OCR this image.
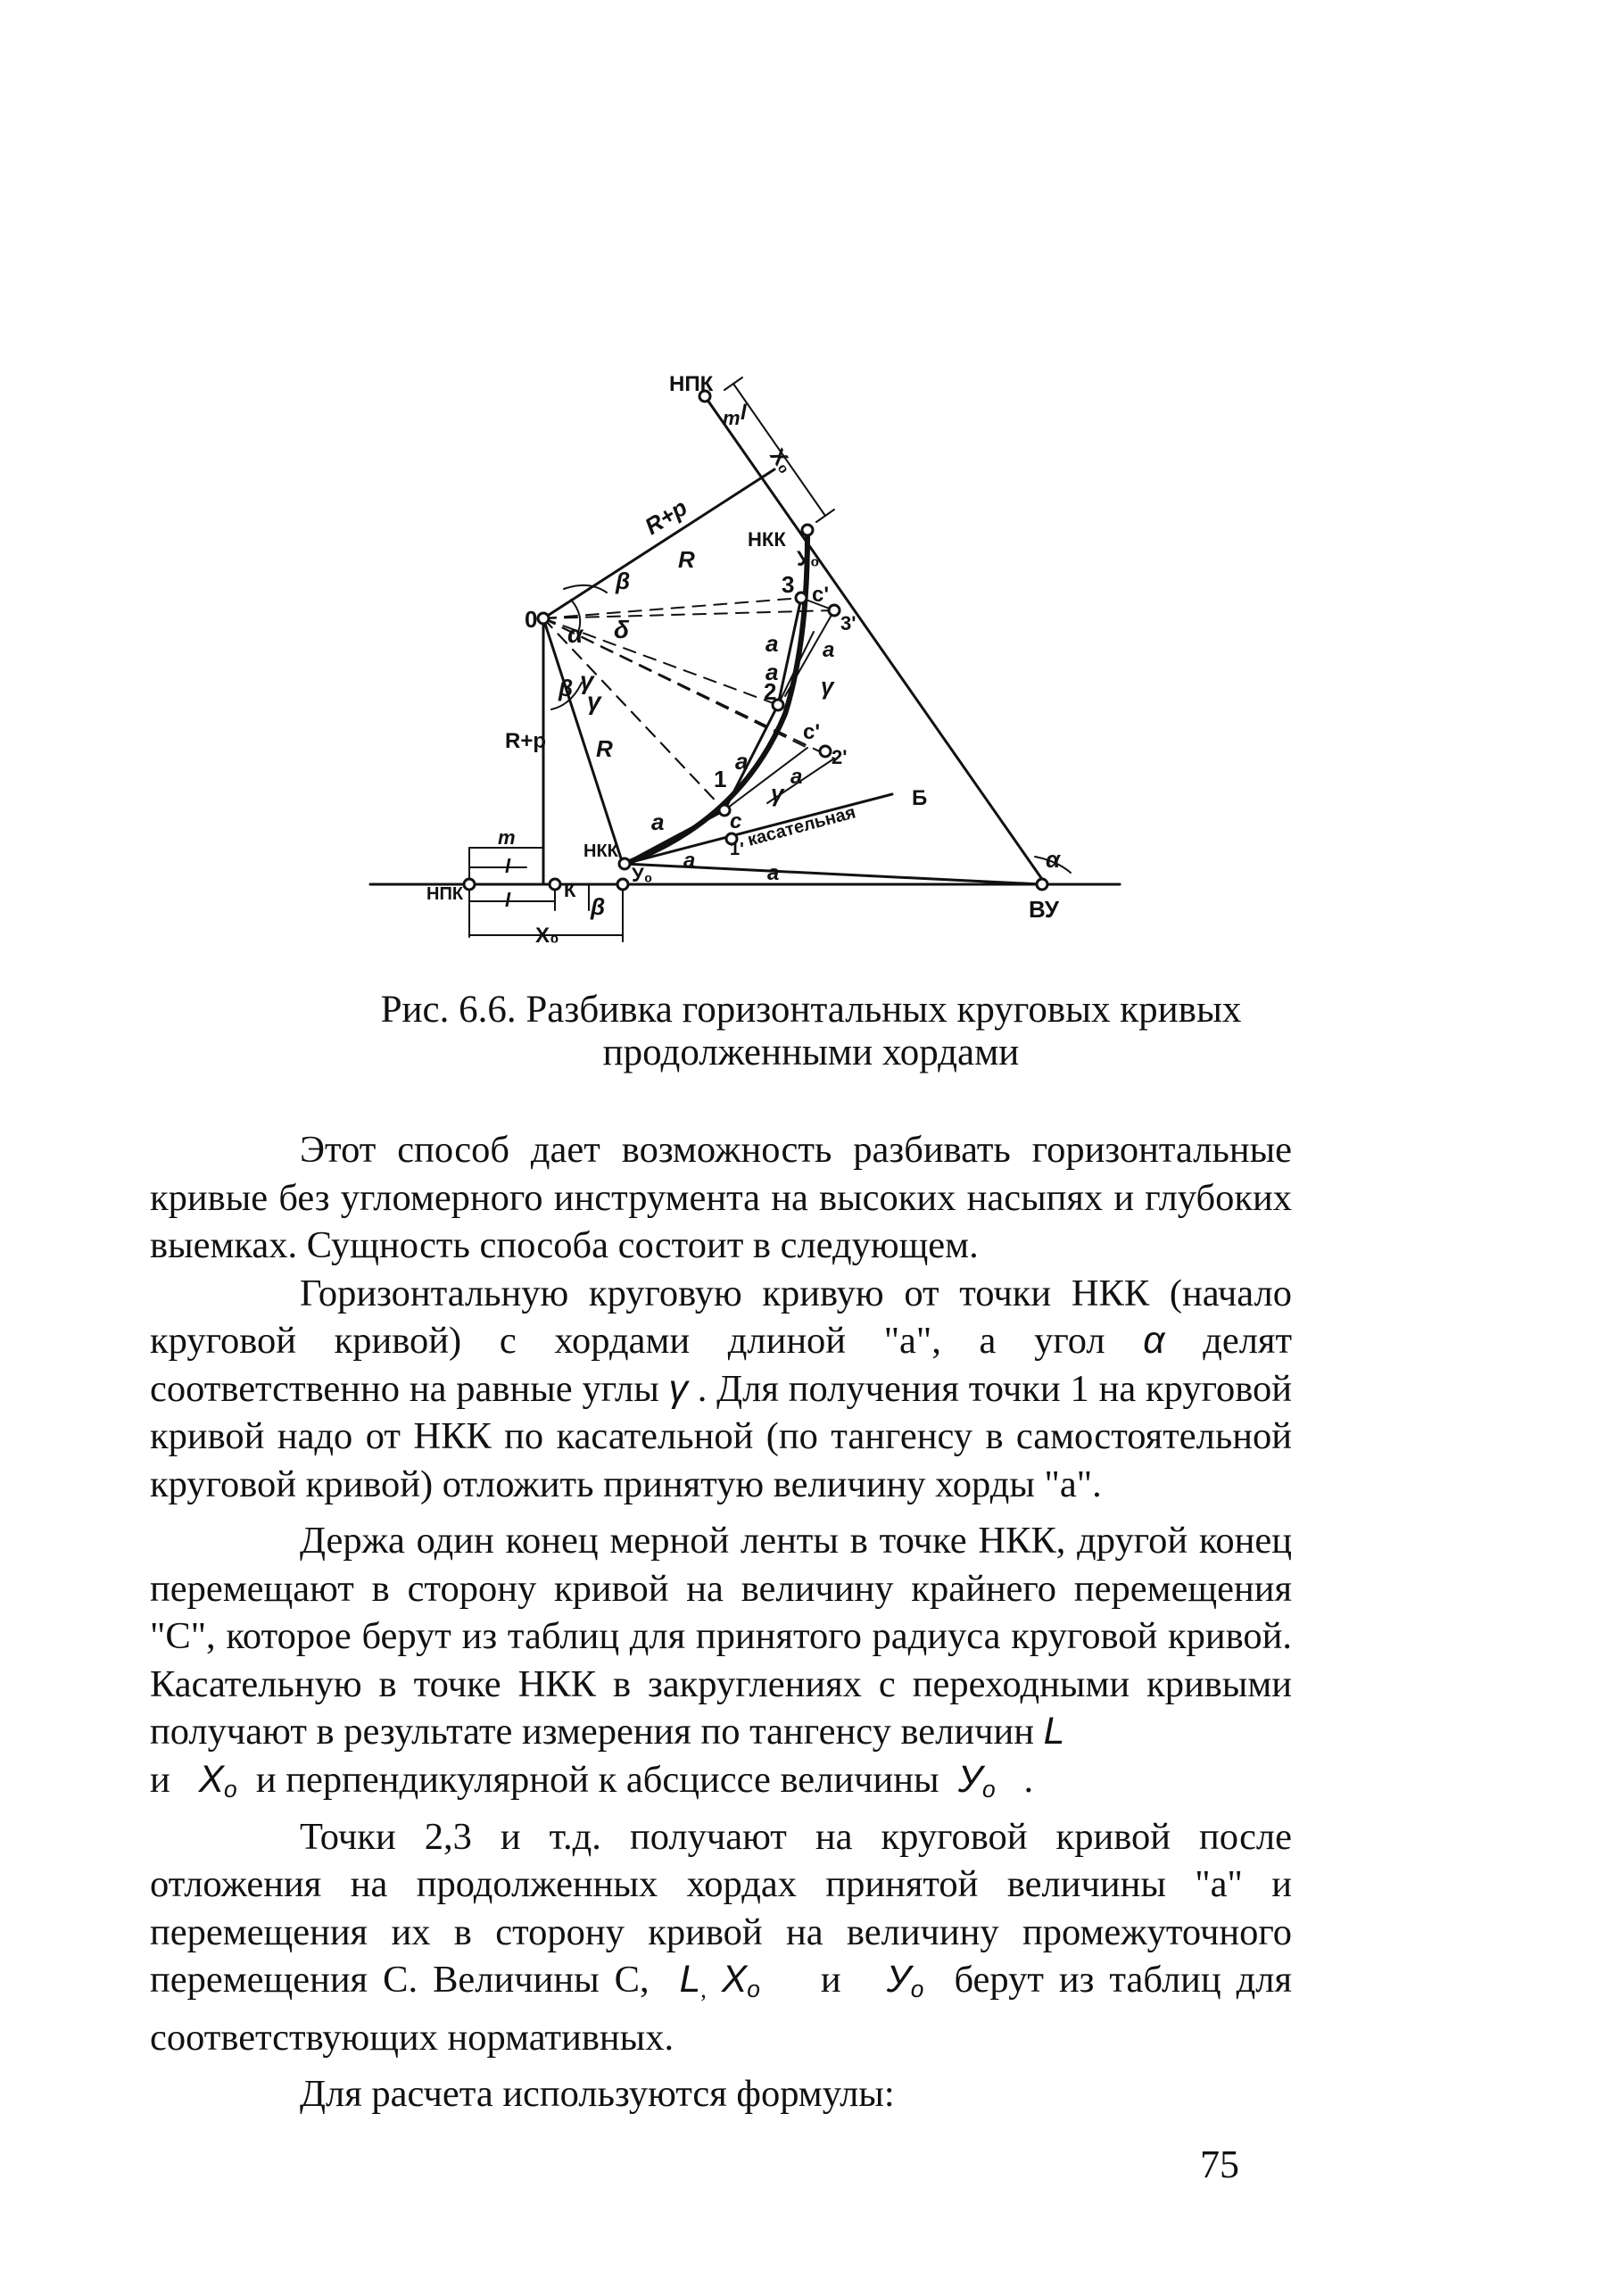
НПК
0
R+p
R
β
НКК
У₀
Х₀
l
m
3 с'
3'
а а
γ
α δ
γ
γ
β
R+p R
2
а
с'
2'
1
с
а
а
γ
а
а
а
1' касательная
Б
α
ВУ
НКК
У₀
НПК	К
m
l
l	β
Х₀
Рис. 6.6. Разбивка горизонтальных круговых кривых
продолженными хордами

Этот способ дает возможность разбивать горизонтальные кривые без угломерного инструмента на высоких насыпях и глубоких выемках. Сущность способа состоит в следующем.

Горизонтальную круговую кривую от точки НКК (начало круговой кривой) с хордами длиной "а", а угол α делят соответственно на равные углы γ . Для получения точки 1 на круговой кривой надо от НКК по касательной (по тангенсу в самостоятельной круговой кривой) отложить принятую величину хорды "а".

Держа один конец мерной ленты в точке НКК, другой конец перемещают в сторону кривой на величину крайнего перемещения "С", которое берут из таблиц для принятого радиуса круговой кривой. Касательную в точке НКК в закруглениях с переходными кривыми получают в результате измерения по тангенсу величин L
и $Х_o$ и перпендикулярной к абсциссе величины $У_o$ .

Точки 2,3 и т.д. получают на круговой кривой после отложения на продолженных хордах принятой величины "а" и перемещения их в сторону кривой на величину промежуточного перемещения С. Величины С, $L_,$ $Х_o$ и $У_o$ берут из таблиц для соответствующих нормативных.

Для расчета используются формулы:

75
